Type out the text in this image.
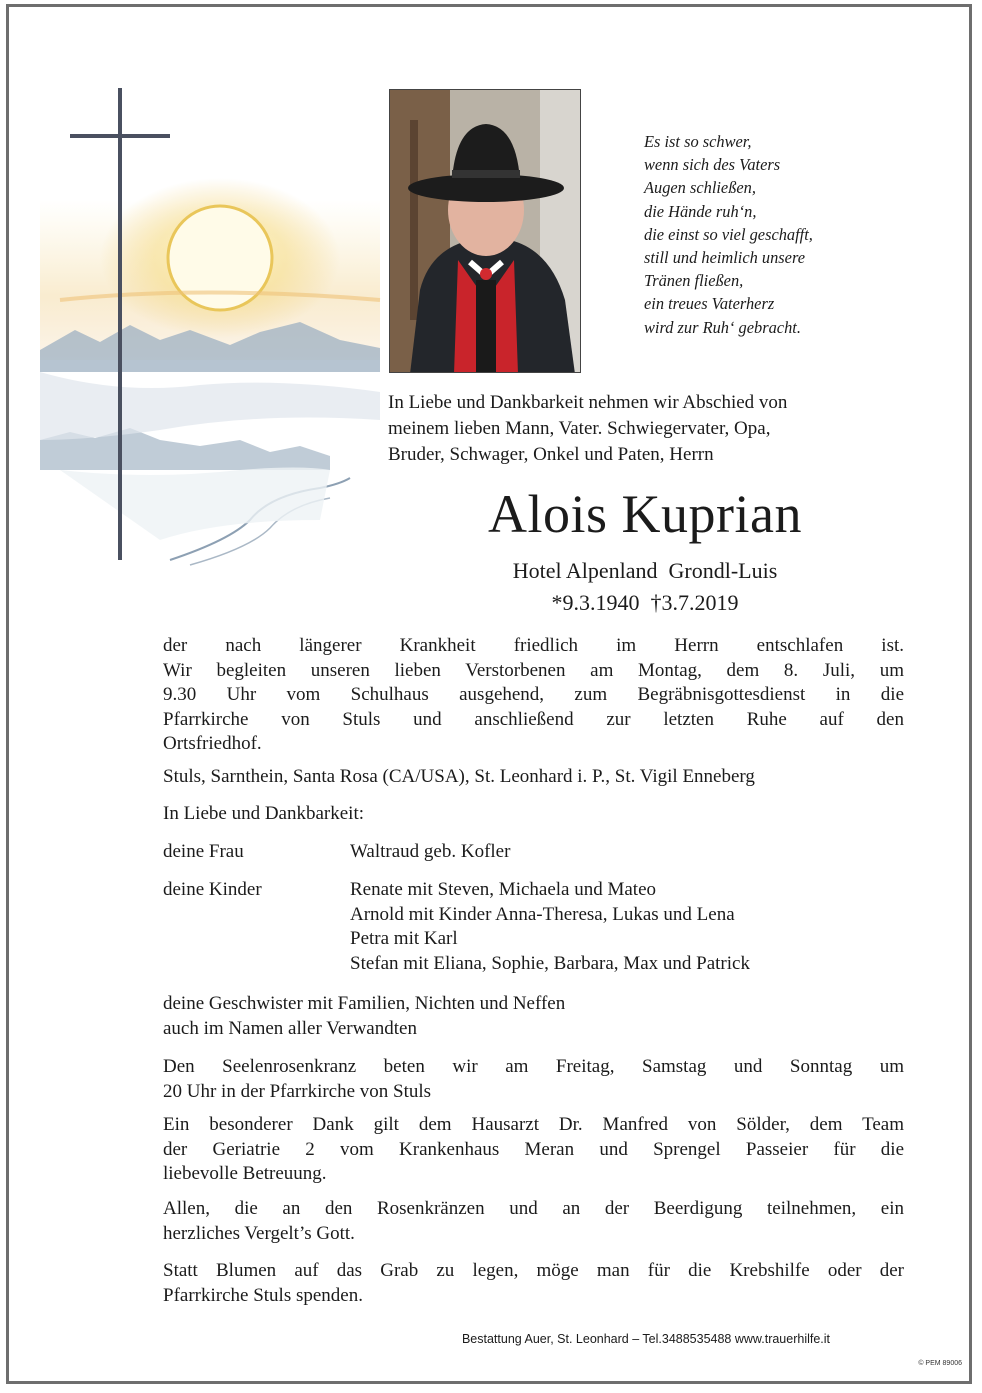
Es ist so schwer,
wenn sich des Vaters
Augen schließen,
die Hände ruh‘n,
die einst so viel geschafft,
still und heimlich unsere
Tränen fließen,
ein treues Vaterherz
wird zur Ruh‘ gebracht.
In Liebe und Dankbarkeit nehmen wir Abschied von
meinem lieben Mann, Vater. Schwiegervater, Opa,
Bruder, Schwager, Onkel und Paten, Herrn
Alois Kuprian
Hotel Alpenland  Grondl-Luis
*9.3.1940  †3.7.2019
der nach längerer Krankheit friedlich im Herrn entschlafen ist.
Wir begleiten unseren lieben Verstorbenen am Montag, dem 8. Juli, um
9.30 Uhr vom Schulhaus ausgehend, zum Begräbnisgottesdienst in die
Pfarrkirche von Stuls und anschließend zur letzten Ruhe auf den
Ortsfriedhof.
Stuls, Sarnthein, Santa Rosa (CA/USA), St. Leonhard i. P., St. Vigil Enneberg
In Liebe und Dankbarkeit:
deine Frau	Waltraud geb. Kofler
deine Kinder	Renate mit Steven, Michaela und Mateo
Arnold mit Kinder Anna-Theresa, Lukas und Lena
Petra mit Karl
Stefan mit Eliana, Sophie, Barbara, Max und Patrick
deine Geschwister mit Familien, Nichten und Neffen
auch im Namen aller Verwandten
Den Seelenrosenkranz beten wir am Freitag, Samstag und Sonntag um
20 Uhr in der Pfarrkirche von Stuls
Ein besonderer Dank gilt dem Hausarzt Dr. Manfred von Sölder, dem Team
der Geriatrie 2 vom Krankenhaus Meran und Sprengel Passeier für die
liebevolle Betreuung.
Allen, die an den Rosenkränzen und an der Beerdigung teilnehmen, ein
herzliches Vergelt’s Gott.
Statt Blumen auf das Grab zu legen, möge man für die Krebshilfe oder der
Pfarrkirche Stuls spenden.
Bestattung Auer, St. Leonhard – Tel.3488535488 www.trauerhilfe.it
© PEM 89006
